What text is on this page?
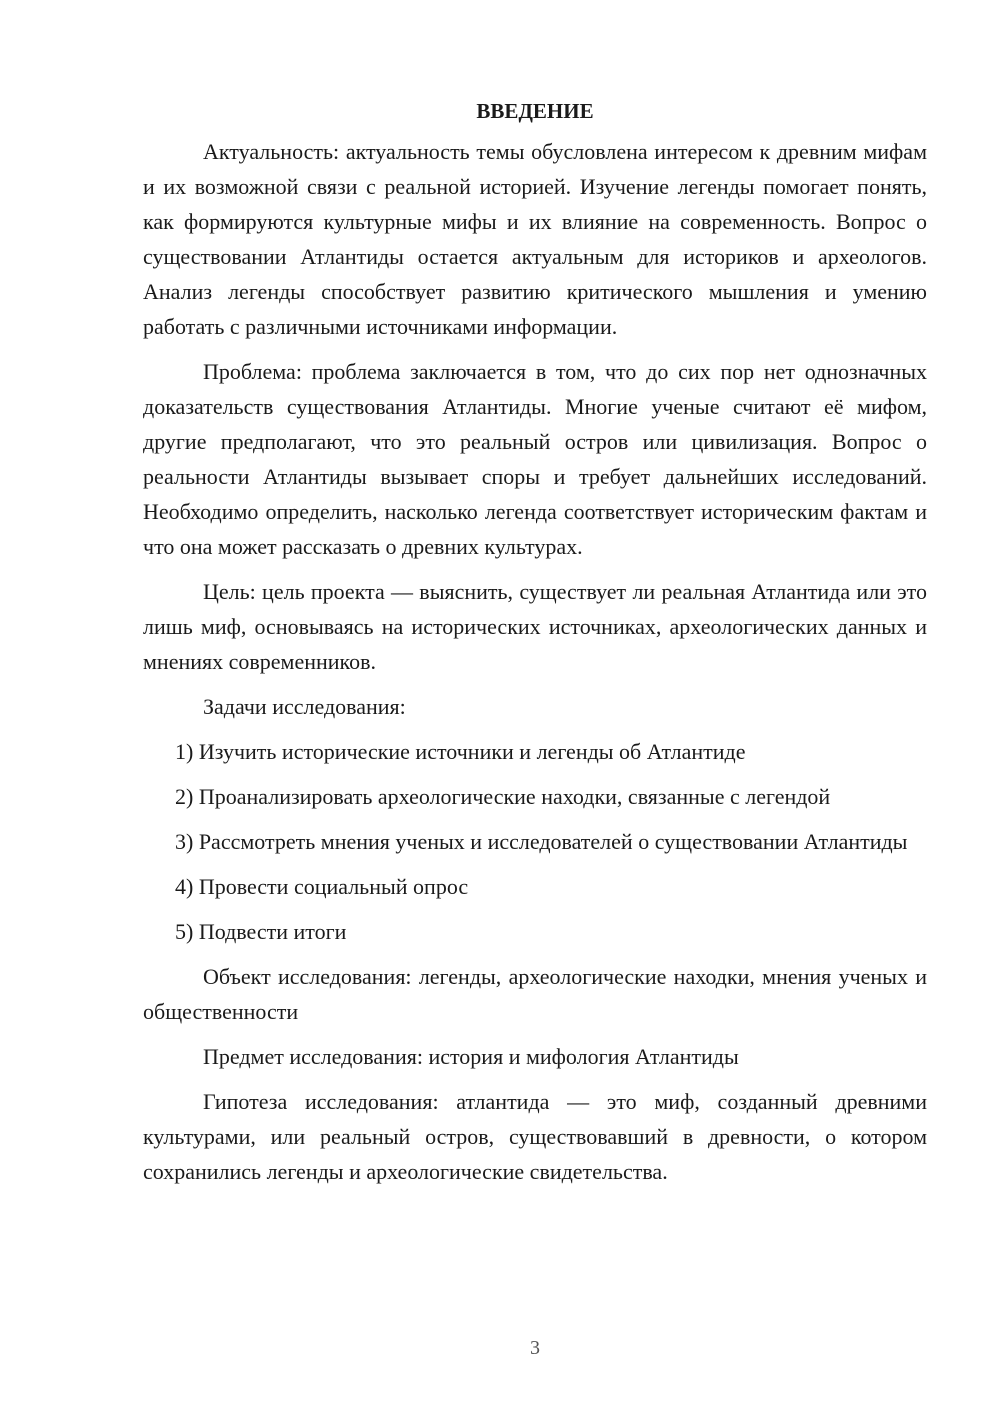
ВВЕДЕНИЕ

Актуальность: актуальность темы обусловлена интересом к древним мифам и их возможной связи с реальной историей. Изучение легенды помогает понять, как формируются культурные мифы и их влияние на современность. Вопрос о существовании Атлантиды остается актуальным для историков и археологов. Анализ легенды способствует развитию критического мышления и умению работать с различными источниками информации.

Проблема: проблема заключается в том, что до сих пор нет однозначных доказательств существования Атлантиды. Многие ученые считают её мифом, другие предполагают, что это реальный остров или цивилизация. Вопрос о реальности Атлантиды вызывает споры и требует дальнейших исследований. Необходимо определить, насколько легенда соответствует историческим фактам и что она может рассказать о древних культурах.

Цель: цель проекта — выяснить, существует ли реальная Атлантида или это лишь миф, основываясь на исторических источниках, археологических данных и мнениях современников.

Задачи исследования:

1) Изучить исторические источники и легенды об Атлантиде

2) Проанализировать археологические находки, связанные с легендой

3) Рассмотреть мнения ученых и исследователей о существовании Атлантиды

4) Провести социальный опрос

5) Подвести итоги

Объект исследования: легенды, археологические находки, мнения ученых и общественности

Предмет исследования: история и мифология Атлантиды

Гипотеза исследования: атлантида — это миф, созданный древними культурами, или реальный остров, существовавший в древности, о котором сохранились легенды и археологические свидетельства.

3
